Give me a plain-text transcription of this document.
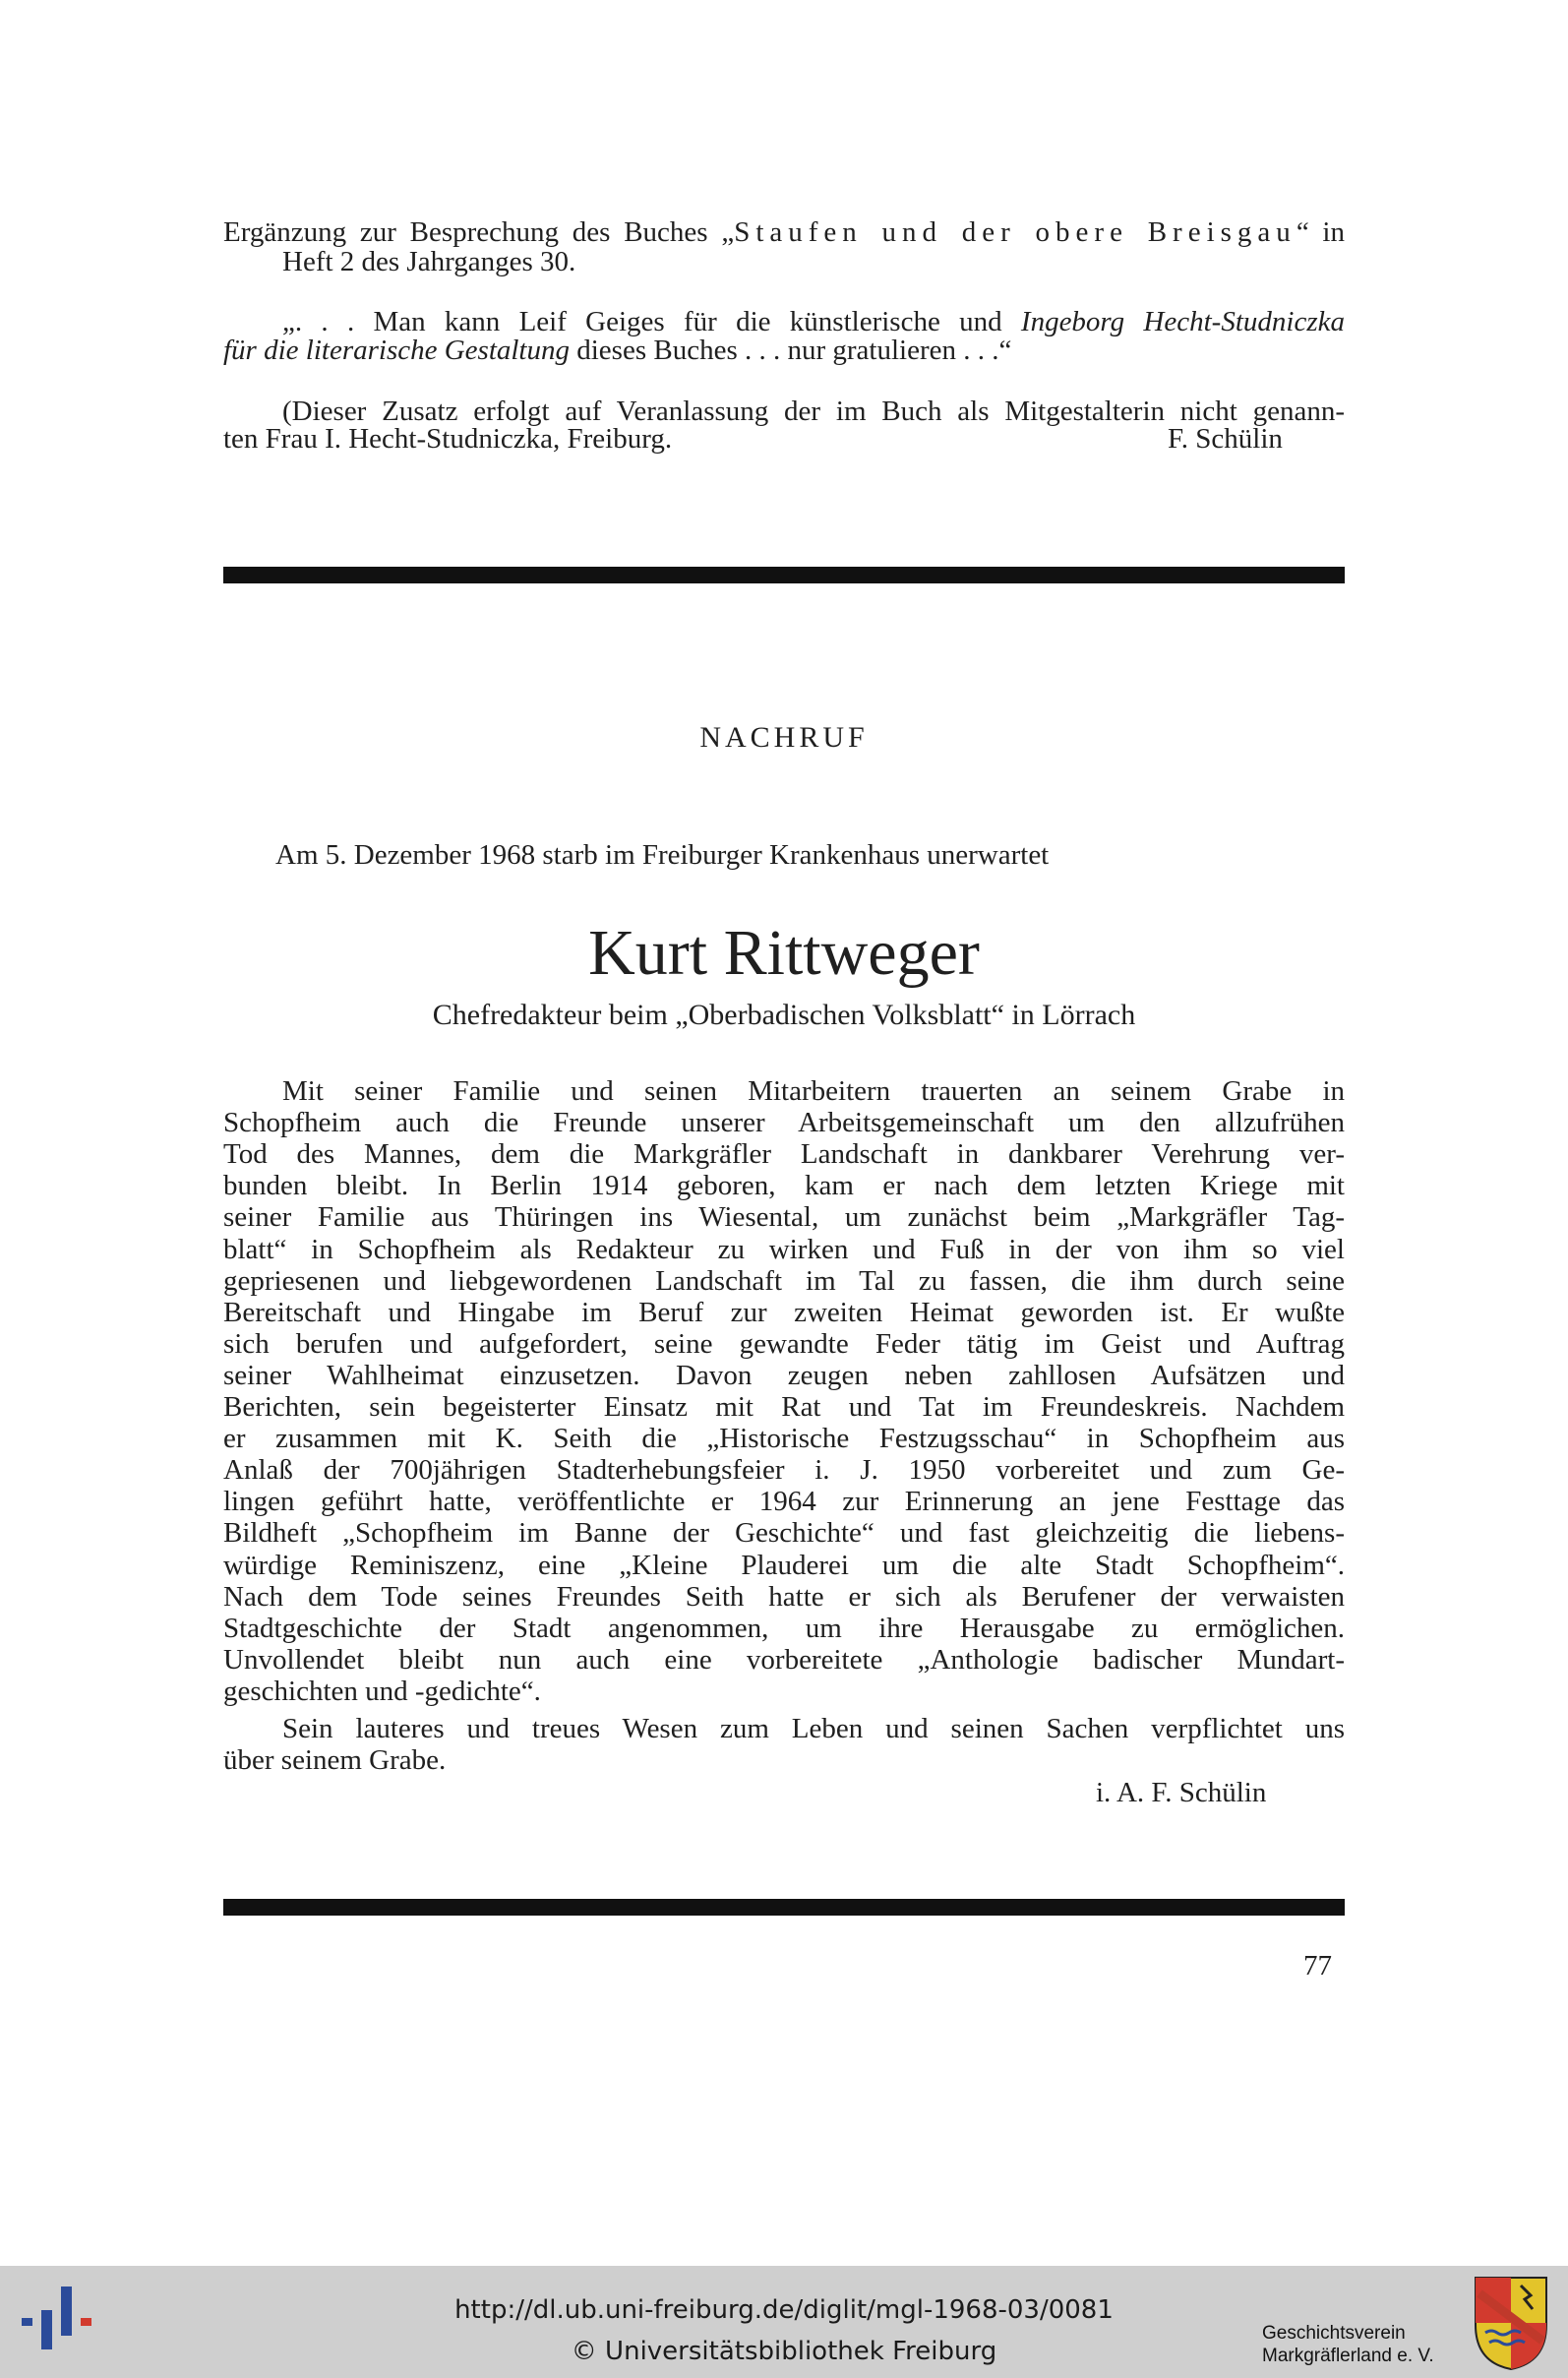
Ergänzung zur Besprechung des Buches „Staufen und der obere Breisgau“ in
Heft 2 des Jahrganges 30.
„. . . Man kann Leif Geiges für die künstlerische und Ingeborg Hecht-Studniczka
für die literarische Gestaltung dieses Buches . . . nur gratulieren . . .“
(Dieser Zusatz erfolgt auf Veranlassung der im Buch als Mitgestalterin nicht genann-
ten Frau I. Hecht-Studniczka, Freiburg.	F. Schülin
NACHRUF
Am 5. Dezember 1968 starb im Freiburger Krankenhaus unerwartet
Kurt Rittweger
Chefredakteur beim „Oberbadischen Volksblatt“ in Lörrach
Mit seiner Familie und seinen Mitarbeitern trauerten an seinem Grabe in
Schopfheim auch die Freunde unserer Arbeitsgemeinschaft um den allzufrühen
Tod des Mannes, dem die Markgräfler Landschaft in dankbarer Verehrung ver-
bunden bleibt. In Berlin 1914 geboren, kam er nach dem letzten Kriege mit
seiner Familie aus Thüringen ins Wiesental, um zunächst beim „Markgräfler Tag-
blatt“ in Schopfheim als Redakteur zu wirken und Fuß in der von ihm so viel
gepriesenen und liebgewordenen Landschaft im Tal zu fassen, die ihm durch seine
Bereitschaft und Hingabe im Beruf zur zweiten Heimat geworden ist. Er wußte
sich berufen und aufgefordert, seine gewandte Feder tätig im Geist und Auftrag
seiner Wahlheimat einzusetzen. Davon zeugen neben zahllosen Aufsätzen und
Berichten, sein begeisterter Einsatz mit Rat und Tat im Freundeskreis. Nachdem
er zusammen mit K. Seith die „Historische Festzugsschau“ in Schopfheim aus
Anlaß der 700jährigen Stadterhebungsfeier i. J. 1950 vorbereitet und zum Ge-
lingen geführt hatte, veröffentlichte er 1964 zur Erinnerung an jene Festtage das
Bildheft „Schopfheim im Banne der Geschichte“ und fast gleichzeitig die liebens-
würdige Reminiszenz, eine „Kleine Plauderei um die alte Stadt Schopfheim“.
Nach dem Tode seines Freundes Seith hatte er sich als Berufener der verwaisten
Stadtgeschichte der Stadt angenommen, um ihre Herausgabe zu ermöglichen.
Unvollendet bleibt nun auch eine vorbereitete „Anthologie badischer Mundart-
geschichten und -gedichte“.
Sein lauteres und treues Wesen zum Leben und seinen Sachen verpflichtet uns
über seinem Grabe.
i. A. F. Schülin
77
http://dl.ub.uni-freiburg.de/diglit/mgl-1968-03/0081
© Universitätsbibliothek Freiburg
Geschichtsverein
Markgräflerland e. V.
